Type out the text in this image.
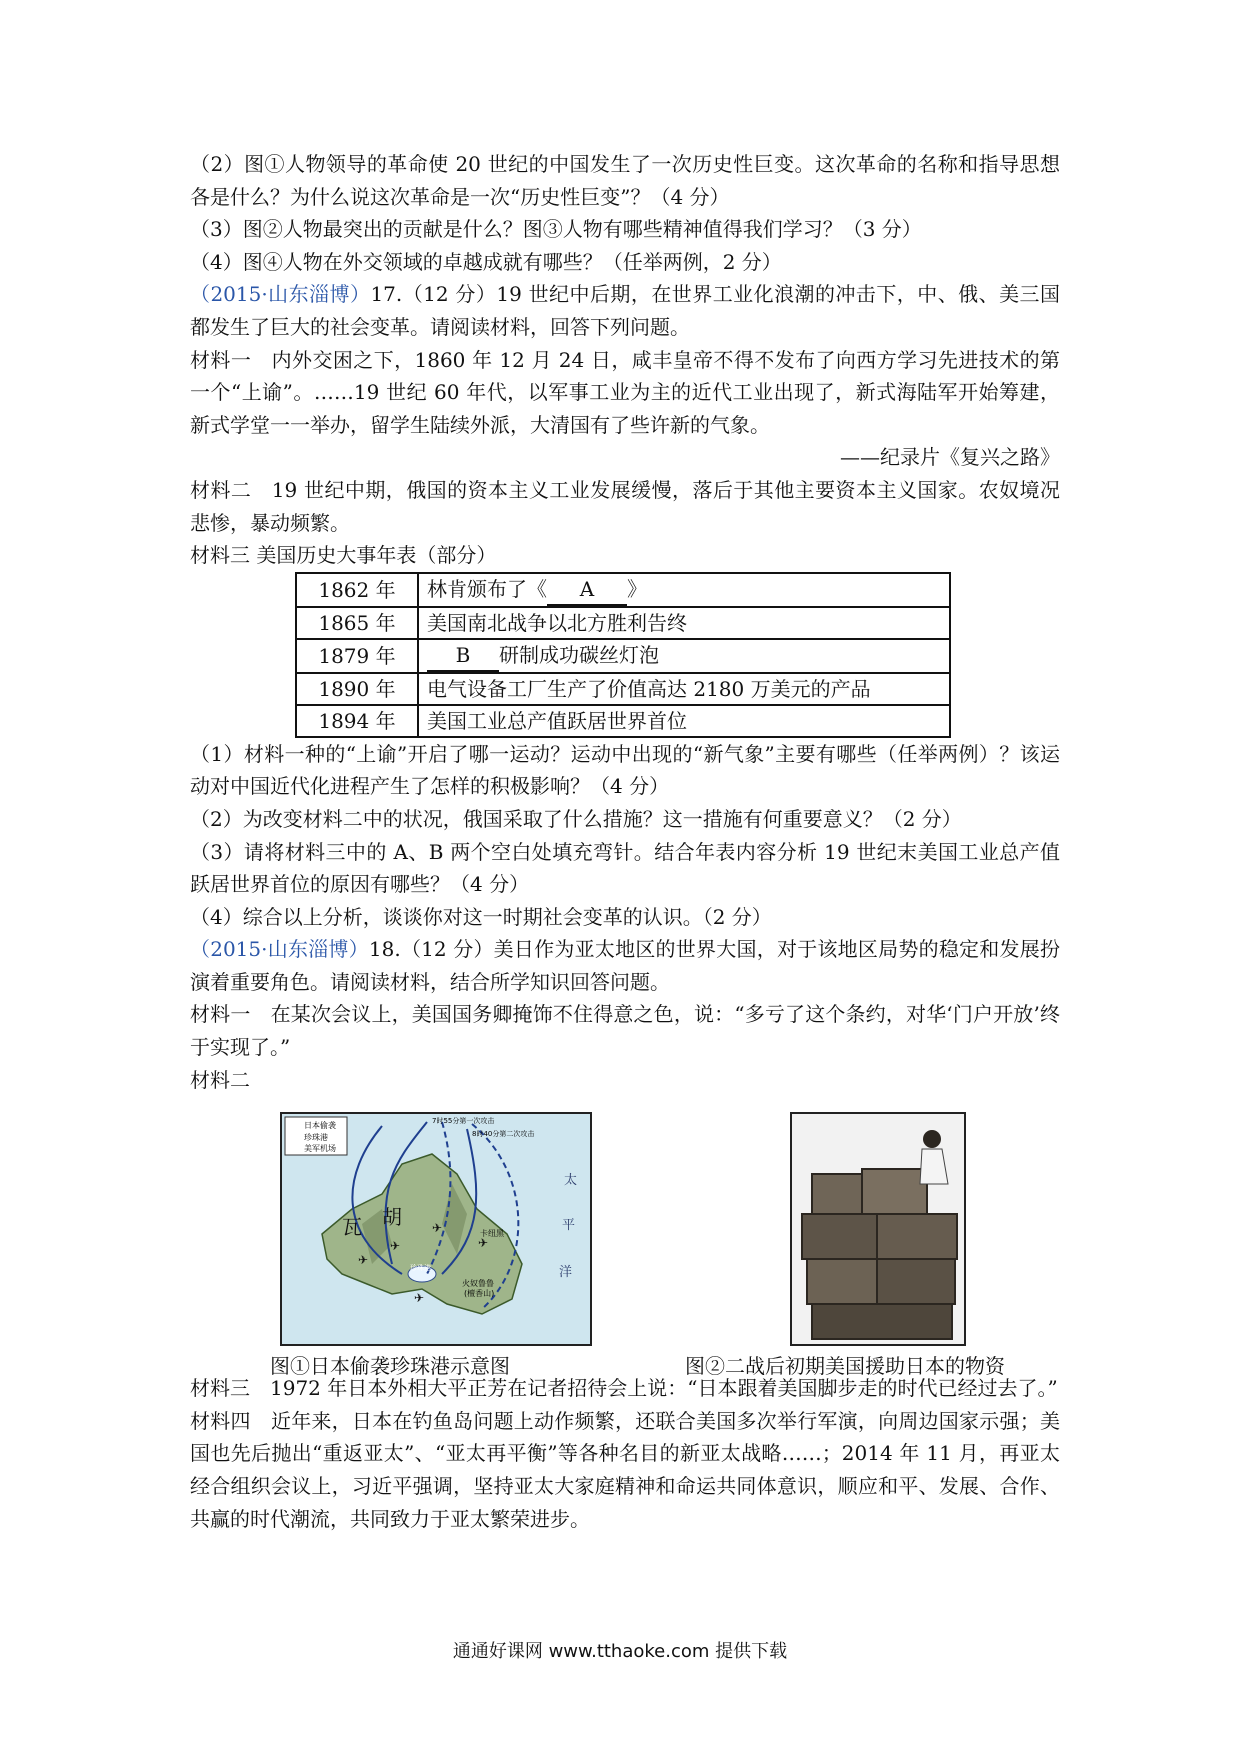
（2）图①人物领导的革命使 20 世纪的中国发生了一次历史性巨变。这次革命的名称和指导思想各是什么？为什么说这次革命是一次“历史性巨变”？（4 分）

（3）图②人物最突出的贡献是什么？图③人物有哪些精神值得我们学习？（3 分）

（4）图④人物在外交领域的卓越成就有哪些？（任举两例，2 分）

（2015·山东淄博）17.（12 分）19 世纪中后期，在世界工业化浪潮的冲击下，中、俄、美三国都发生了巨大的社会变革。请阅读材料，回答下列问题。

材料一　内外交困之下，1860 年 12 月 24 日，咸丰皇帝不得不发布了向西方学习先进技术的第一个“上谕”。……19 世纪 60 年代，以军事工业为主的近代工业出现了，新式海陆军开始筹建，新式学堂一一举办，留学生陆续外派，大清国有了些许新的气象。

——纪录片《复兴之路》

材料二　19 世纪中期，俄国的资本主义工业发展缓慢，落后于其他主要资本主义国家。农奴境况悲惨，暴动频繁。

材料三 美国历史大事年表（部分）

1862 年	林肯颁布了《 A 》
1865 年	美国南北战争以北方胜利告终
1879 年	B 研制成功碳丝灯泡
1890 年	电气设备工厂生产了价值高达 2180 万美元的产品
1894 年	美国工业总产值跃居世界首位

（1）材料一种的“上谕”开启了哪一运动？运动中出现的“新气象”主要有哪些（任举两例）？该运动对中国近代化进程产生了怎样的积极影响？（4 分）

（2）为改变材料二中的状况，俄国采取了什么措施？这一措施有何重要意义？（2 分）

（3）请将材料三中的 A、B 两个空白处填充弯针。结合年表内容分析 19 世纪末美国工业总产值跃居世界首位的原因有哪些？（4 分）

（4）综合以上分析，谈谈你对这一时期社会变革的认识。（2 分）

（2015·山东淄博）18.（12 分）美日作为亚太地区的世界大国，对于该地区局势的稳定和发展扮演着重要角色。请阅读材料，结合所学知识回答问题。

材料一　在某次会议上，美国国务卿掩饰不住得意之色，说：“多亏了这个条约，对华‘门户开放’终于实现了。”

材料二

✈
✈
✈
✈
✈
日本偷袭
珍珠港
美军机场
7时55分第一次攻击
8时40分第二次攻击
太
平
洋
瓦 胡
卡纽黑
火奴鲁鲁
(檀香山)
珍珠港
图①日本偷袭珍珠港示意图	图②二战后初期美国援助日本的物资

材料三　1972 年日本外相大平正芳在记者招待会上说：“日本跟着美国脚步走的时代已经过去了。”

材料四　近年来，日本在钓鱼岛问题上动作频繁，还联合美国多次举行军演，向周边国家示强；美国也先后抛出“重返亚太”、“亚太再平衡”等各种名目的新亚太战略……；2014 年 11 月，再亚太经合组织会议上，习近平强调，坚持亚太大家庭精神和命运共同体意识，顺应和平、发展、合作、共赢的时代潮流，共同致力于亚太繁荣进步。

通通好课网 www.tthaoke.com 提供下载
